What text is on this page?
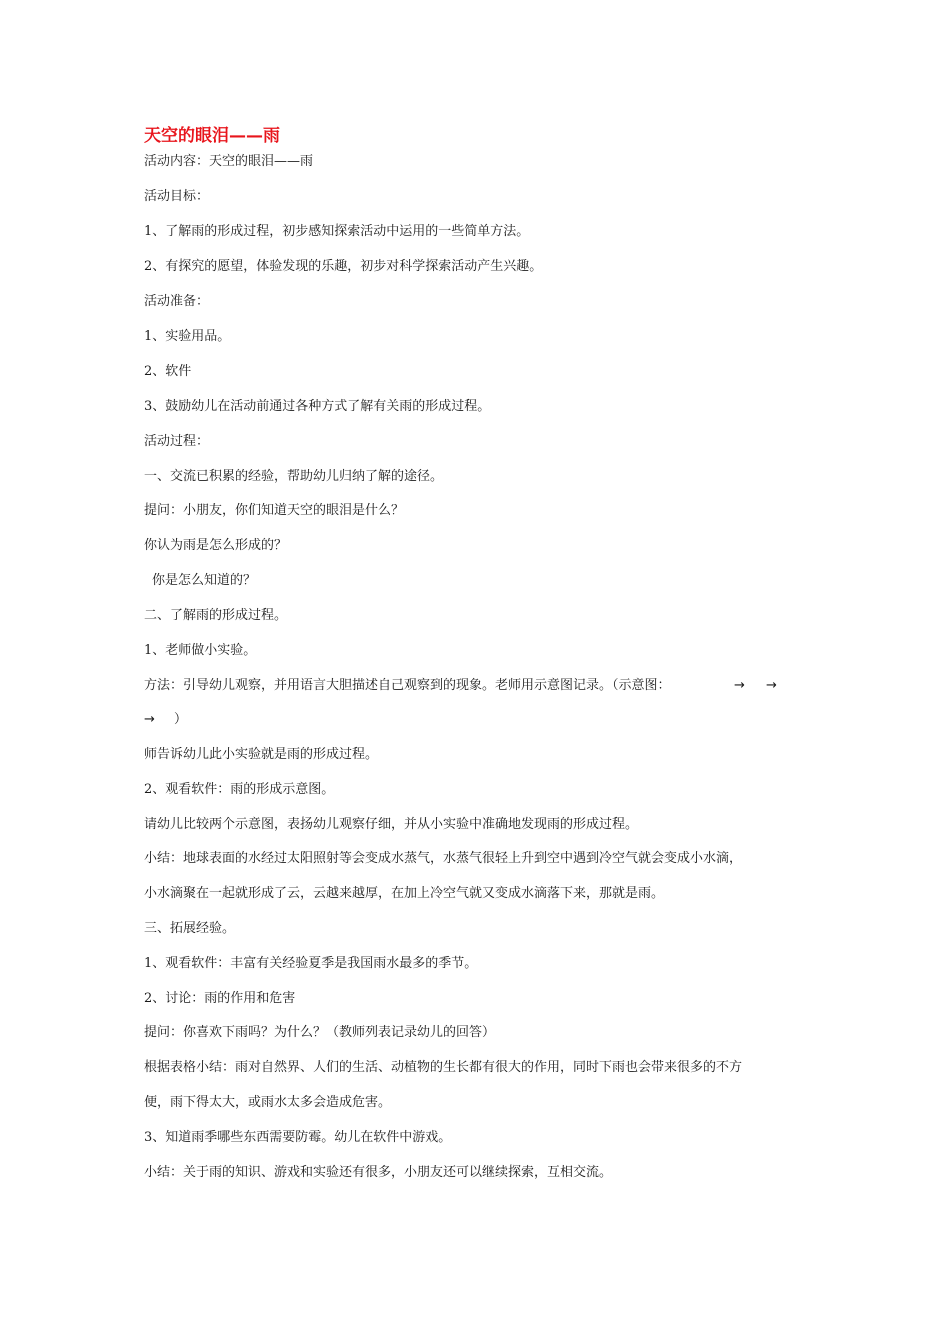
天空的眼泪——雨
活动内容：天空的眼泪——雨
活动目标：
1、了解雨的形成过程，初步感知探索活动中运用的一些简单方法。
2、有探究的愿望，体验发现的乐趣，初步对科学探索活动产生兴趣。
活动准备：
1、实验用品。
2、软件
3、鼓励幼儿在活动前通过各种方式了解有关雨的形成过程。
活动过程：
一、交流已积累的经验，帮助幼儿归纳了解的途径。
提问：小朋友，你们知道天空的眼泪是什么？
你认为雨是怎么形成的？
你是怎么知道的？
二、了解雨的形成过程。
1、老师做小实验。
方法：引导幼儿观察，并用语言大胆描述自己观察到的现象。老师用示意图记录。（示意图：	→ →
→ ）
师告诉幼儿此小实验就是雨的形成过程。
2、观看软件：雨的形成示意图。
请幼儿比较两个示意图，表扬幼儿观察仔细，并从小实验中准确地发现雨的形成过程。
小结：地球表面的水经过太阳照射等会变成水蒸气，水蒸气很轻上升到空中遇到冷空气就会变成小水滴，
小水滴聚在一起就形成了云，云越来越厚，在加上冷空气就又变成水滴落下来，那就是雨。
三、拓展经验。
1、观看软件：丰富有关经验夏季是我国雨水最多的季节。
2、讨论：雨的作用和危害
提问：你喜欢下雨吗？为什么？（教师列表记录幼儿的回答）
根据表格小结：雨对自然界、人们的生活、动植物的生长都有很大的作用，同时下雨也会带来很多的不方
便，雨下得太大，或雨水太多会造成危害。
3、知道雨季哪些东西需要防霉。幼儿在软件中游戏。
小结：关于雨的知识、游戏和实验还有很多，小朋友还可以继续探索，互相交流。
